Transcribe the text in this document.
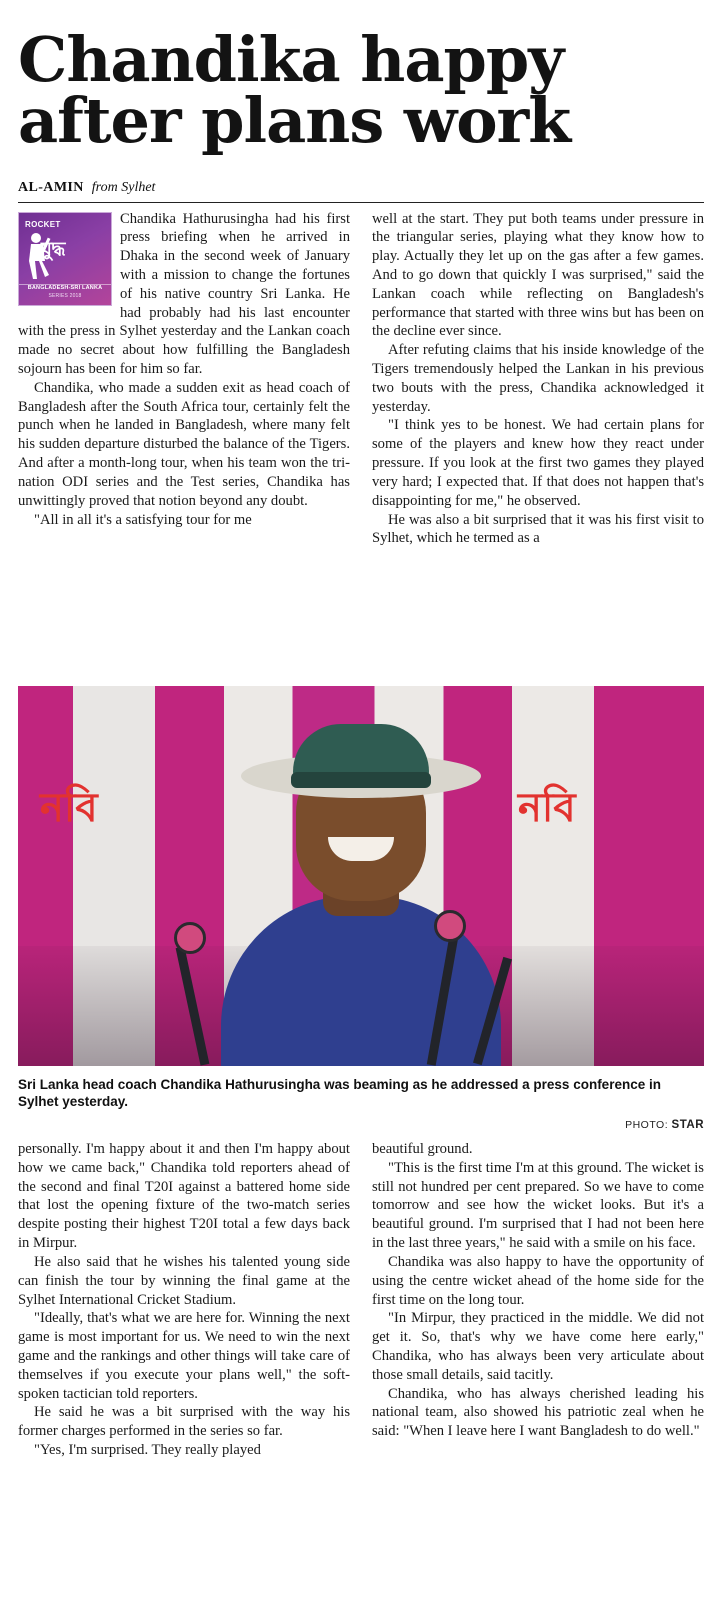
Chandika happy
after plans work
AL-AMIN from Sylhet
ROCKET
যুদ্ধ
BANGLADESH-SRI LANKA
SERIES 2018

Chandika Hathurusingha had his first press briefing when he arrived in Dhaka in the second week of January with a mission to change the fortunes of his native country Sri Lanka. He had probably had his last encounter with the press in Sylhet yesterday and the Lankan coach made no secret about how fulfilling the Bangladesh sojourn has been for him so far.

Chandika, who made a sudden exit as head coach of Bangladesh after the South Africa tour, certainly felt the punch when he landed in Bangladesh, where many felt his sudden departure disturbed the balance of the Tigers. And after a month-long tour, when his team won the tri-nation ODI series and the Test series, Chandika has unwittingly proved that notion beyond any doubt.

"All in all it's a satisfying tour for me

well at the start. They put both teams under pressure in the triangular series, playing what they know how to play. Actually they let up on the gas after a few games. And to go down that quickly I was surprised," said the Lankan coach while reflecting on Bangladesh's performance that started with three wins but has been on the decline ever since.

After refuting claims that his inside knowledge of the Tigers tremendously helped the Lankan in his previous two bouts with the press, Chandika acknowledged it yesterday.

"I think yes to be honest. We had certain plans for some of the players and knew how they react under pressure. If you look at the first two games they played very hard; I expected that. If that does not happen that's disappointing for me," he observed.

He was also a bit surprised that it was his first visit to Sylhet, which he termed as a

নবি	নবি
Sri Lanka head coach Chandika Hathurusingha was beaming as he addressed a press conference in Sylhet yesterday.
PHOTO: STAR

personally. I'm happy about it and then I'm happy about how we came back," Chandika told reporters ahead of the second and final T20I against a battered home side that lost the opening fixture of the two-match series despite posting their highest T20I total a few days back in Mirpur.

He also said that he wishes his talented young side can finish the tour by winning the final game at the Sylhet International Cricket Stadium.

"Ideally, that's what we are here for. Winning the next game is most important for us. We need to win the next game and the rankings and other things will take care of themselves if you execute your plans well," the soft-spoken tactician told reporters.

He said he was a bit surprised with the way his former charges performed in the series so far.

"Yes, I'm surprised. They really played

beautiful ground.

"This is the first time I'm at this ground. The wicket is still not hundred per cent prepared. So we have to come tomorrow and see how the wicket looks. But it's a beautiful ground. I'm surprised that I had not been here in the last three years," he said with a smile on his face.

Chandika was also happy to have the opportunity of using the centre wicket ahead of the home side for the first time on the long tour.

"In Mirpur, they practiced in the middle. We did not get it. So, that's why we have come here early," Chandika, who has always been very articulate about those small details, said tacitly.

Chandika, who has always cherished leading his national team, also showed his patriotic zeal when he said: "When I leave here I want Bangladesh to do well."
